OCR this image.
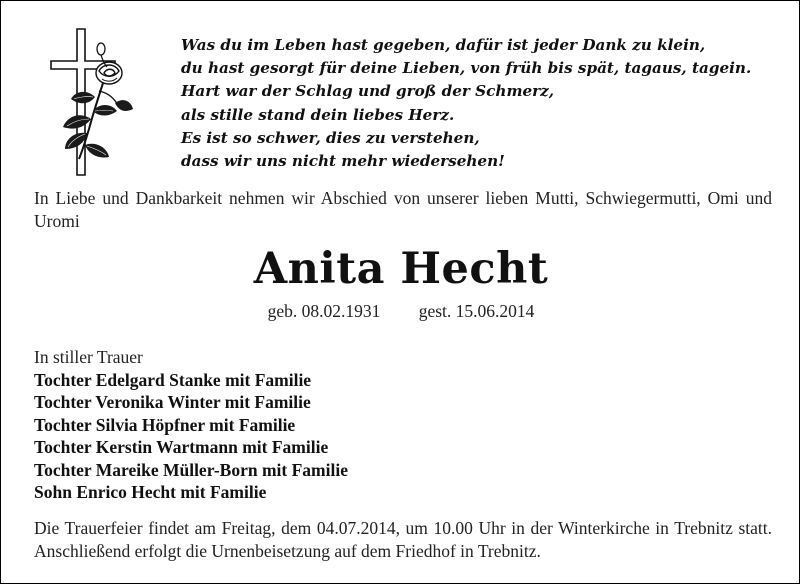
Was du im Leben hast gegeben, dafür ist jeder Dank zu klein,
du hast gesorgt für deine Lieben, von früh bis spät, tagaus, tagein.
Hart war der Schlag und groß der Schmerz,
als stille stand dein liebes Herz.
Es ist so schwer, dies zu verstehen,
dass wir uns nicht mehr wiedersehen!

In Liebe und Dankbarkeit nehmen wir Abschied von unserer lieben Mutti, Schwiegermutti, Omi und Uromi

Anita Hecht
geb. 08.02.1931 gest. 15.06.2014
In stiller Trauer
Tochter Edelgard Stanke mit Familie
Tochter Veronika Winter mit Familie
Tochter Silvia Höpfner mit Familie
Tochter Kerstin Wartmann mit Familie
Tochter Mareike Müller-Born mit Familie
Sohn Enrico Hecht mit Familie

Die Trauerfeier findet am Freitag, dem 04.07.2014, um 10.00 Uhr in der Winterkirche in Trebnitz statt. Anschließend erfolgt die Urnenbeisetzung auf dem Friedhof in Trebnitz.
